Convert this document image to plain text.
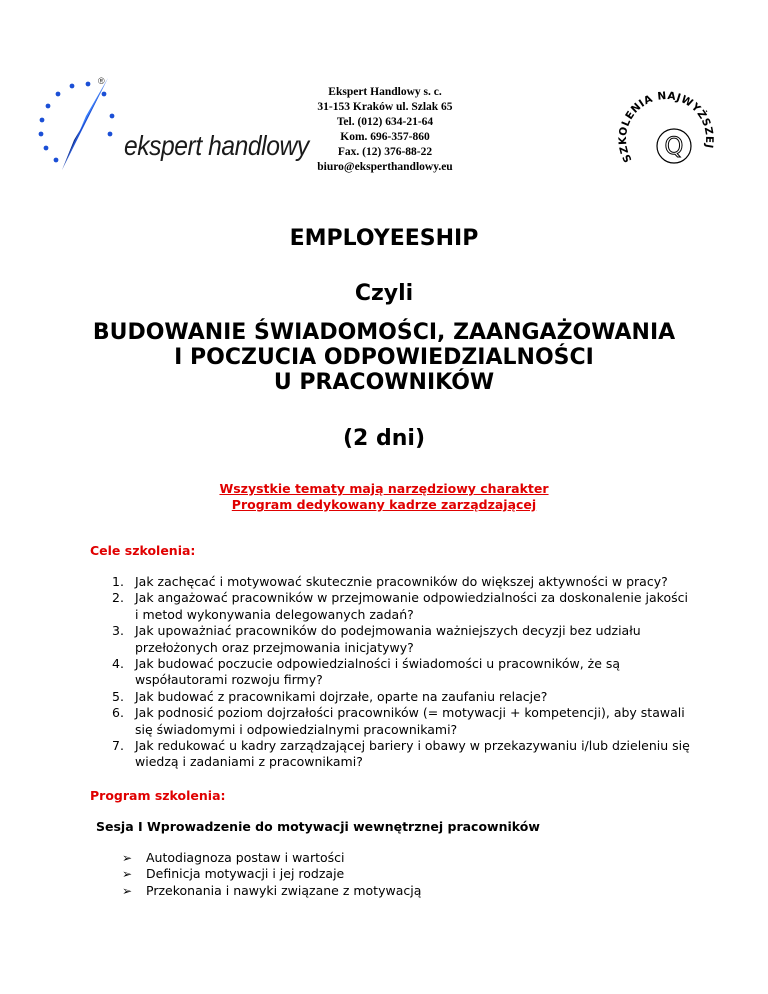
®
ekspert handlowy
Ekspert Handlowy s. c.
31-153 Kraków ul. Szlak 65
Tel. (012) 634-21-64
Kom. 696-357-860
Fax. (12) 376-88-22
biuro@eksperthandlowy.eu
SZKOLENIA NAJWYŻSZEJ
Q
EMPLOYEESHIP
Czyli
BUDOWANIE ŚWIADOMOŚCI, ZAANGAŻOWANIA
I POCZUCIA ODPOWIEDZIALNOŚCI
U PRACOWNIKÓW
(2 dni)
Wszystkie tematy mają narzędziowy charakter
Program dedykowany kadrze zarządzającej
Cele szkolenia:
1. Jak zachęcać i motywować skutecznie pracowników do większej aktywności w pracy?
2. Jak angażować pracowników w przejmowanie odpowiedzialności za doskonalenie jakości i metod wykonywania delegowanych zadań?
3. Jak upoważniać pracowników do podejmowania ważniejszych decyzji bez udziału przełożonych oraz przejmowania inicjatywy?
4. Jak budować poczucie odpowiedzialności i świadomości u pracowników, że są współautorami rozwoju firmy?
5. Jak budować z pracownikami dojrzałe, oparte na zaufaniu relacje?
6. Jak podnosić poziom dojrzałości pracowników (= motywacji + kompetencji), aby stawali się świadomymi i odpowiedzialnymi pracownikami?
7. Jak redukować u kadry zarządzającej bariery i obawy w przekazywaniu i/lub dzieleniu się wiedzą i zadaniami z pracownikami?
Program szkolenia:
Sesja I Wprowadzenie do motywacji wewnętrznej pracowników
➢ Autodiagnoza postaw i wartości
➢ Definicja motywacji i jej rodzaje
➢ Przekonania i nawyki związane z motywacją
